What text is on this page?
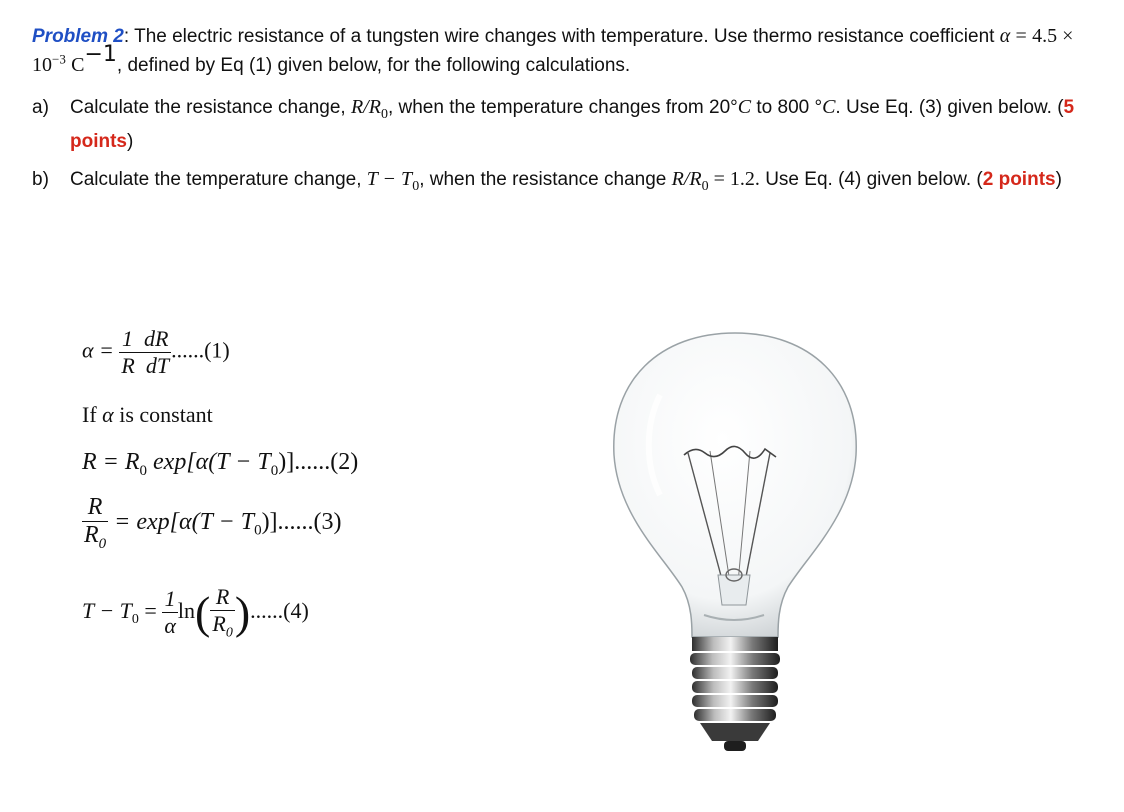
Problem 2: The electric resistance of a tungsten wire changes with temperature. Use thermo resistance coefficient $\alpha = 4.5 \times 10^{-3}$ C−1, defined by Eq (1) given below, for the following calculations.
a) Calculate the resistance change, $R/R_0$, when the temperature changes from 20°C to 800 °C. Use Eq. (3) given below. (5 points)
b) Calculate the temperature change, $T - T_0$, when the resistance change $R/R_0 = 1.2$. Use Eq. (4) given below. (2 points)
$\alpha = \frac{1 dR}{\text{R  dT}} ......(1)$
If α is constant
$R = R_0$ $\exp[\alpha(T - T_0)]......(2)$
$\frac{R}{R_0} = \exp[\alpha(T - T_0)]......(3)$
$T - T_0 = \frac{1}{\alpha} \ln( \frac{R}{R_0} )......(4)$
